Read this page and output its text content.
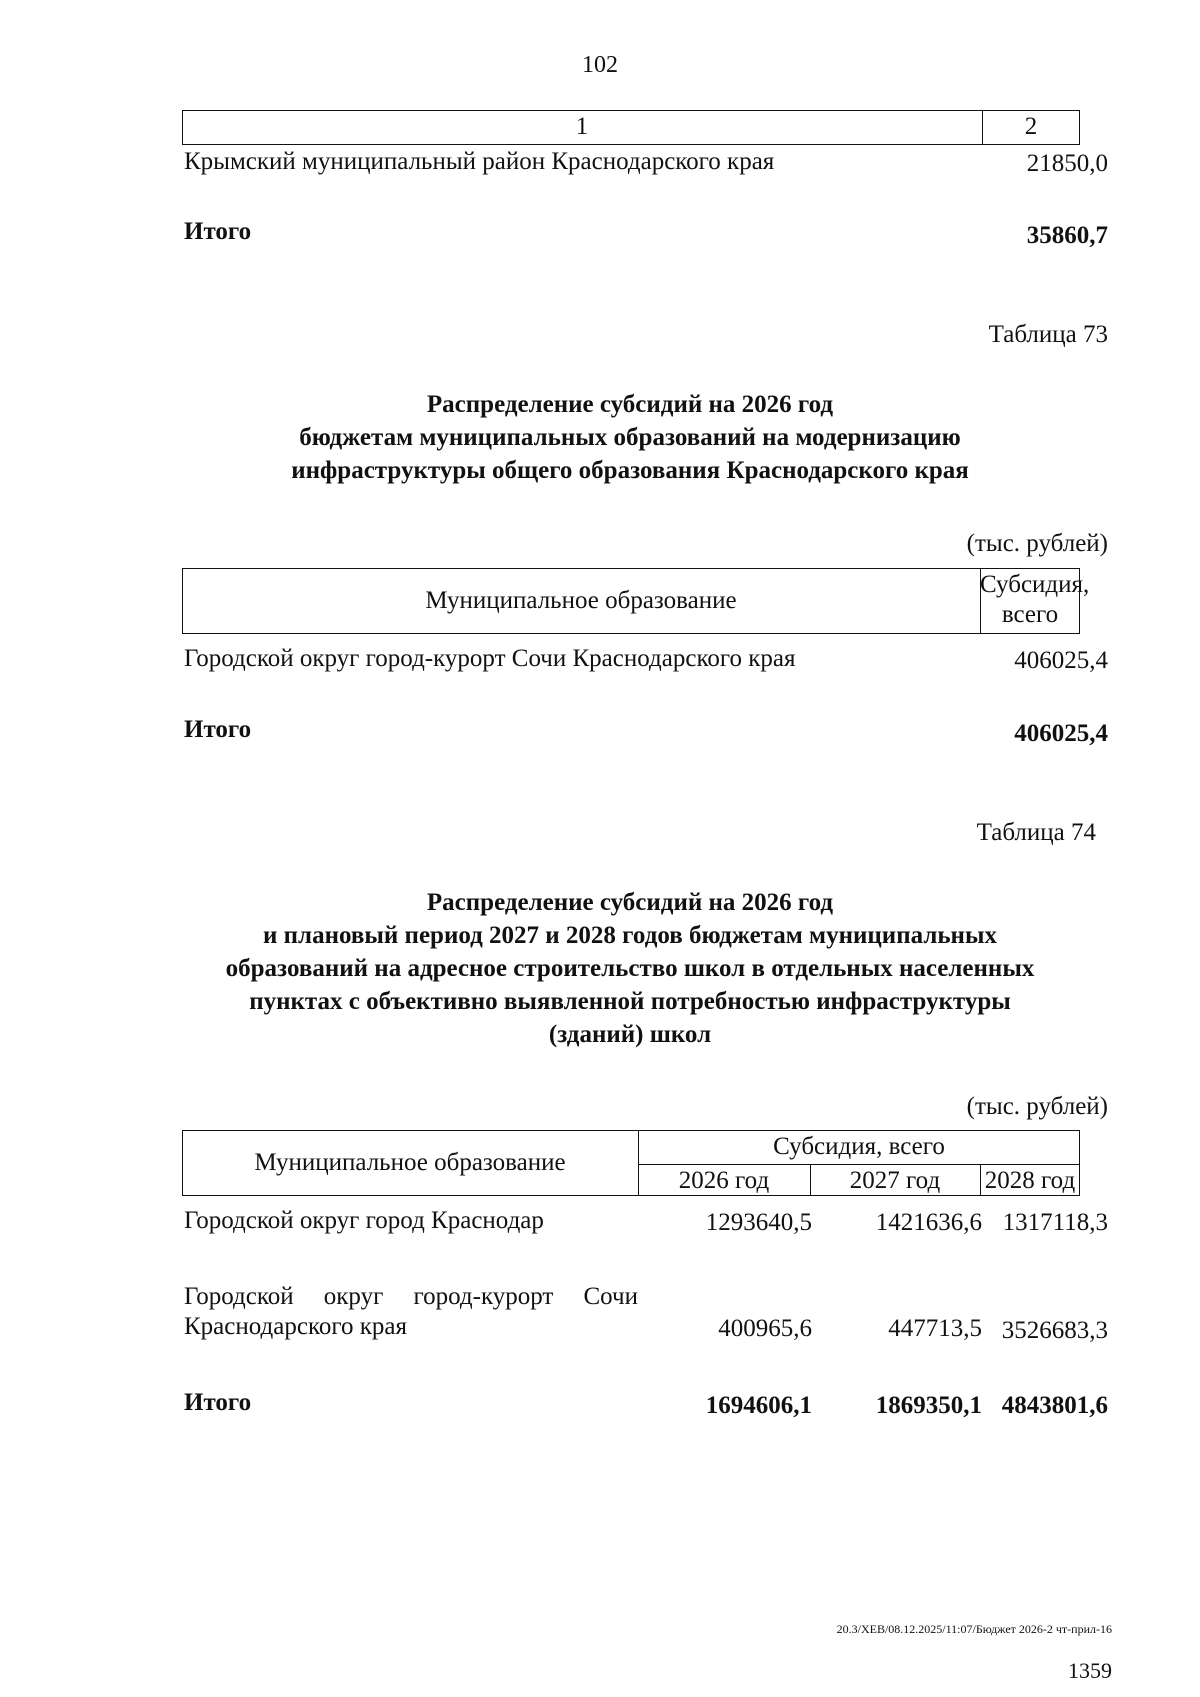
102
1	2
Крымский муниципальный район Краснодарского края	21850,0
Итого	35860,7
Таблица 73
Распределение субсидий на 2026 год
бюджетам муниципальных образований на модернизацию
инфраструктуры общего образования Краснодарского края
(тыс. рублей)
Муниципальное образование
Субсидия,
всего
Городской округ город-курорт Сочи Краснодарского края	406025,4
Итого	406025,4
Таблица 74
Распределение субсидий на 2026 год
и плановый период 2027 и 2028 годов бюджетам муниципальных
образований на адресное строительство школ в отдельных населенных
пунктах с объективно выявленной потребностью инфраструктуры
(зданий) школ
(тыс. рублей)
Муниципальное образование
Субсидия, всего
2026 год	2027 год	2028 год
Городской округ город Краснодар	1293640,5	1421636,6 1317118,3
Городской округ город-курорт Сочи
Краснодарского края	400965,6	447713,5 3526683,3
Итого	1694606,1	1869350,1 4843801,6
20.3/ХЕВ/08.12.2025/11:07/Бюджет 2026-2 чт-прил-16
1359
